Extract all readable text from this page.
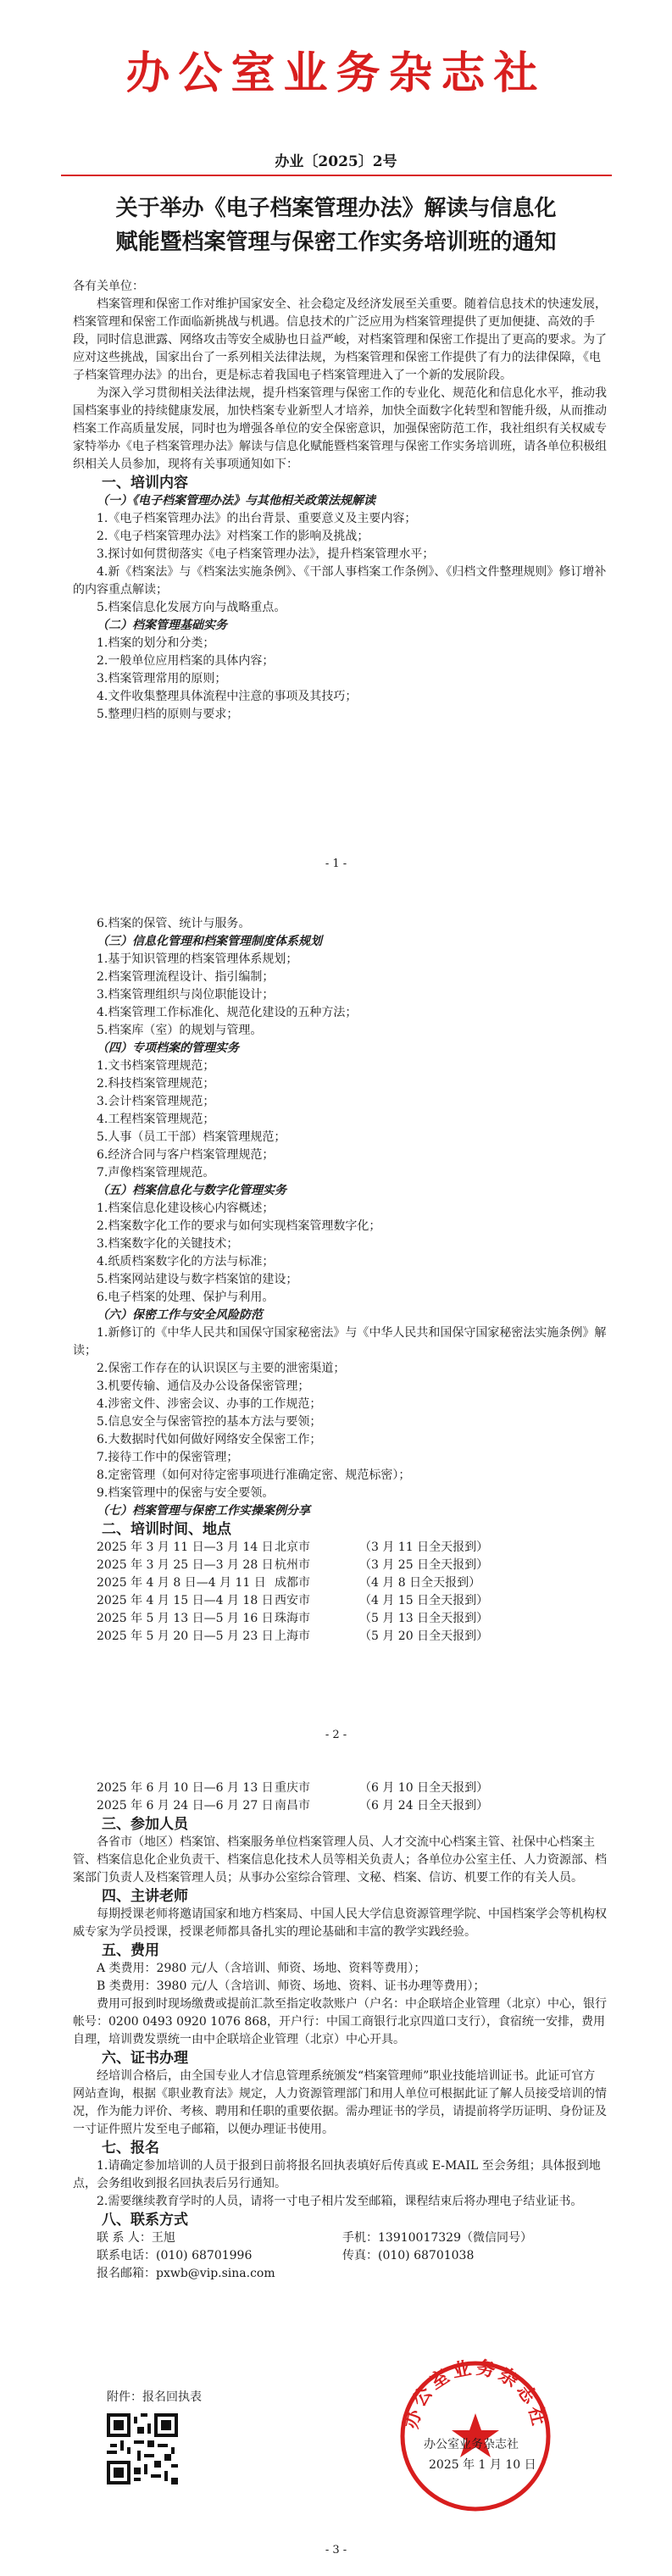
办公室业务杂志社
办业〔2025〕2号
关于举办《电子档案管理办法》解读与信息化
赋能暨档案管理与保密工作实务培训班的通知

各有关单位：

档案管理和保密工作对维护国家安全、社会稳定及经济发展至关重要。随着信息技术的快速发展，档案管理和保密工作面临新挑战与机遇。信息技术的广泛应用为档案管理提供了更加便捷、高效的手段，同时信息泄露、网络攻击等安全威胁也日益严峻，对档案管理和保密工作提出了更高的要求。为了应对这些挑战，国家出台了一系列相关法律法规，为档案管理和保密工作提供了有力的法律保障，《电子档案管理办法》的出台，更是标志着我国电子档案管理进入了一个新的发展阶段。

为深入学习贯彻相关法律法规，提升档案管理与保密工作的专业化、规范化和信息化水平，推动我国档案事业的持续健康发展，加快档案专业新型人才培养，加快全面数字化转型和智能升级，从而推动档案工作高质量发展，同时也为增强各单位的安全保密意识，加强保密防范工作，我社组织有关权威专家特举办《电子档案管理办法》解读与信息化赋能暨档案管理与保密工作实务培训班，请各单位积极组织相关人员参加，现将有关事项通知如下：

一、培训内容

（一）《电子档案管理办法》与其他相关政策法规解读

1.《电子档案管理办法》的出台背景、重要意义及主要内容；

2.《电子档案管理办法》对档案工作的影响及挑战；

3.探讨如何贯彻落实《电子档案管理办法》，提升档案管理水平；

4.新《档案法》与《档案法实施条例》、《干部人事档案工作条例》、《归档文件整理规则》修订增补的内容重点解读；

5.档案信息化发展方向与战略重点。

（二）档案管理基础实务

1.档案的划分和分类；

2.一般单位应用档案的具体内容；

3.档案管理常用的原则；

4.文件收集整理具体流程中注意的事项及其技巧；

5.整理归档的原则与要求；

- 1 -

6.档案的保管、统计与服务。

（三）信息化管理和档案管理制度体系规划

1.基于知识管理的档案管理体系规划；

2.档案管理流程设计、指引编制；

3.档案管理组织与岗位职能设计；

4.档案管理工作标准化、规范化建设的五种方法；

5.档案库（室）的规划与管理。

（四）专项档案的管理实务

1.文书档案管理规范；

2.科技档案管理规范；

3.会计档案管理规范；

4.工程档案管理规范；

5.人事（员工干部）档案管理规范；

6.经济合同与客户档案管理规范；

7.声像档案管理规范。

（五）档案信息化与数字化管理实务

1.档案信息化建设核心内容概述；

2.档案数字化工作的要求与如何实现档案管理数字化；

3.档案数字化的关键技术；

4.纸质档案数字化的方法与标准；

5.档案网站建设与数字档案馆的建设；

6.电子档案的处理、保护与利用。

（六）保密工作与安全风险防范

1.新修订的《中华人民共和国保守国家秘密法》与《中华人民共和国保守国家秘密法实施条例》解读；

2.保密工作存在的认识误区与主要的泄密渠道；

3.机要传输、通信及办公设备保密管理；

4.涉密文件、涉密会议、办事的工作规范；

5.信息安全与保密管控的基本方法与要领；

6.大数据时代如何做好网络安全保密工作；

7.接待工作中的保密管理；

8.定密管理（如何对待定密事项进行准确定密、规范标密）；

9.档案管理中的保密与安全要领。

（七）档案管理与保密工作实操案例分享

二、培训时间、地点

2025 年 3 月 11 日—3 月 14 日 北京市	（3 月 11 日全天报到）
2025 年 3 月 25 日—3 月 28 日 杭州市	（3 月 25 日全天报到）
2025 年 4 月 8 日—4 月 11 日 成都市	（4 月 8 日全天报到）
2025 年 4 月 15 日—4 月 18 日 西安市	（4 月 15 日全天报到）
2025 年 5 月 13 日—5 月 16 日 珠海市	（5 月 13 日全天报到）
2025 年 5 月 20 日—5 月 23 日 上海市	（5 月 20 日全天报到）
- 2 -
2025 年 6 月 10 日—6 月 13 日 重庆市	（6 月 10 日全天报到）
2025 年 6 月 24 日—6 月 27 日 南昌市	（6 月 24 日全天报到）

三、参加人员

各省市（地区）档案馆、档案服务单位档案管理人员、人才交流中心档案主管、社保中心档案主管、档案信息化企业负责干、档案信息化技术人员等相关负责人；各单位办公室主任、人力资源部、档案部门负责人及档案管理人员；从事办公室综合管理、文秘、档案、信访、机要工作的有关人员。

四、主讲老师

每期授课老师将邀请国家和地方档案局、中国人民大学信息资源管理学院、中国档案学会等机构权威专家为学员授课，授课老师都具备扎实的理论基础和丰富的教学实践经验。

五、费用

A 类费用：2980 元/人（含培训、师资、场地、资料等费用）；

B 类费用：3980 元/人（含培训、师资、场地、资料、证书办理等费用）；

费用可报到时现场缴费或提前汇款至指定收款账户（户名：中企联培企业管理（北京）中心，银行帐号：0200 0493 0920 1076 868，开户行：中国工商银行北京四道口支行），食宿统一安排，费用自理，培训费发票统一由中企联培企业管理（北京）中心开具。

六、证书办理

经培训合格后，由全国专业人才信息管理系统颁发“档案管理师”职业技能培训证书。此证可官方网站查询，根据《职业教育法》规定，人力资源管理部门和用人单位可根据此证了解人员接受培训的情况，作为能力评价、考核、聘用和任职的重要依据。需办理证书的学员，请提前将学历证明、身份证及一寸证件照片发至电子邮箱，以便办理证书使用。

七、报名

1.请确定参加培训的人员于报到日前将报名回执表填好后传真或 E-MAIL 至会务组；具体报到地点，会务组收到报名回执表后另行通知。

2.需要继续教育学时的人员，请将一寸电子相片发至邮箱，课程结束后将办理电子结业证书。

八、联系方式

联 系 人：王旭	手机：13910017329（微信同号）
联系电话：(010) 68701996	传真：(010) 68701038
报名邮箱：pxwb@vip.sina.com
附件：报名回执表
办公室业务杂志社
办公室业务杂志社
2025 年 1 月 10 日
- 3 -
